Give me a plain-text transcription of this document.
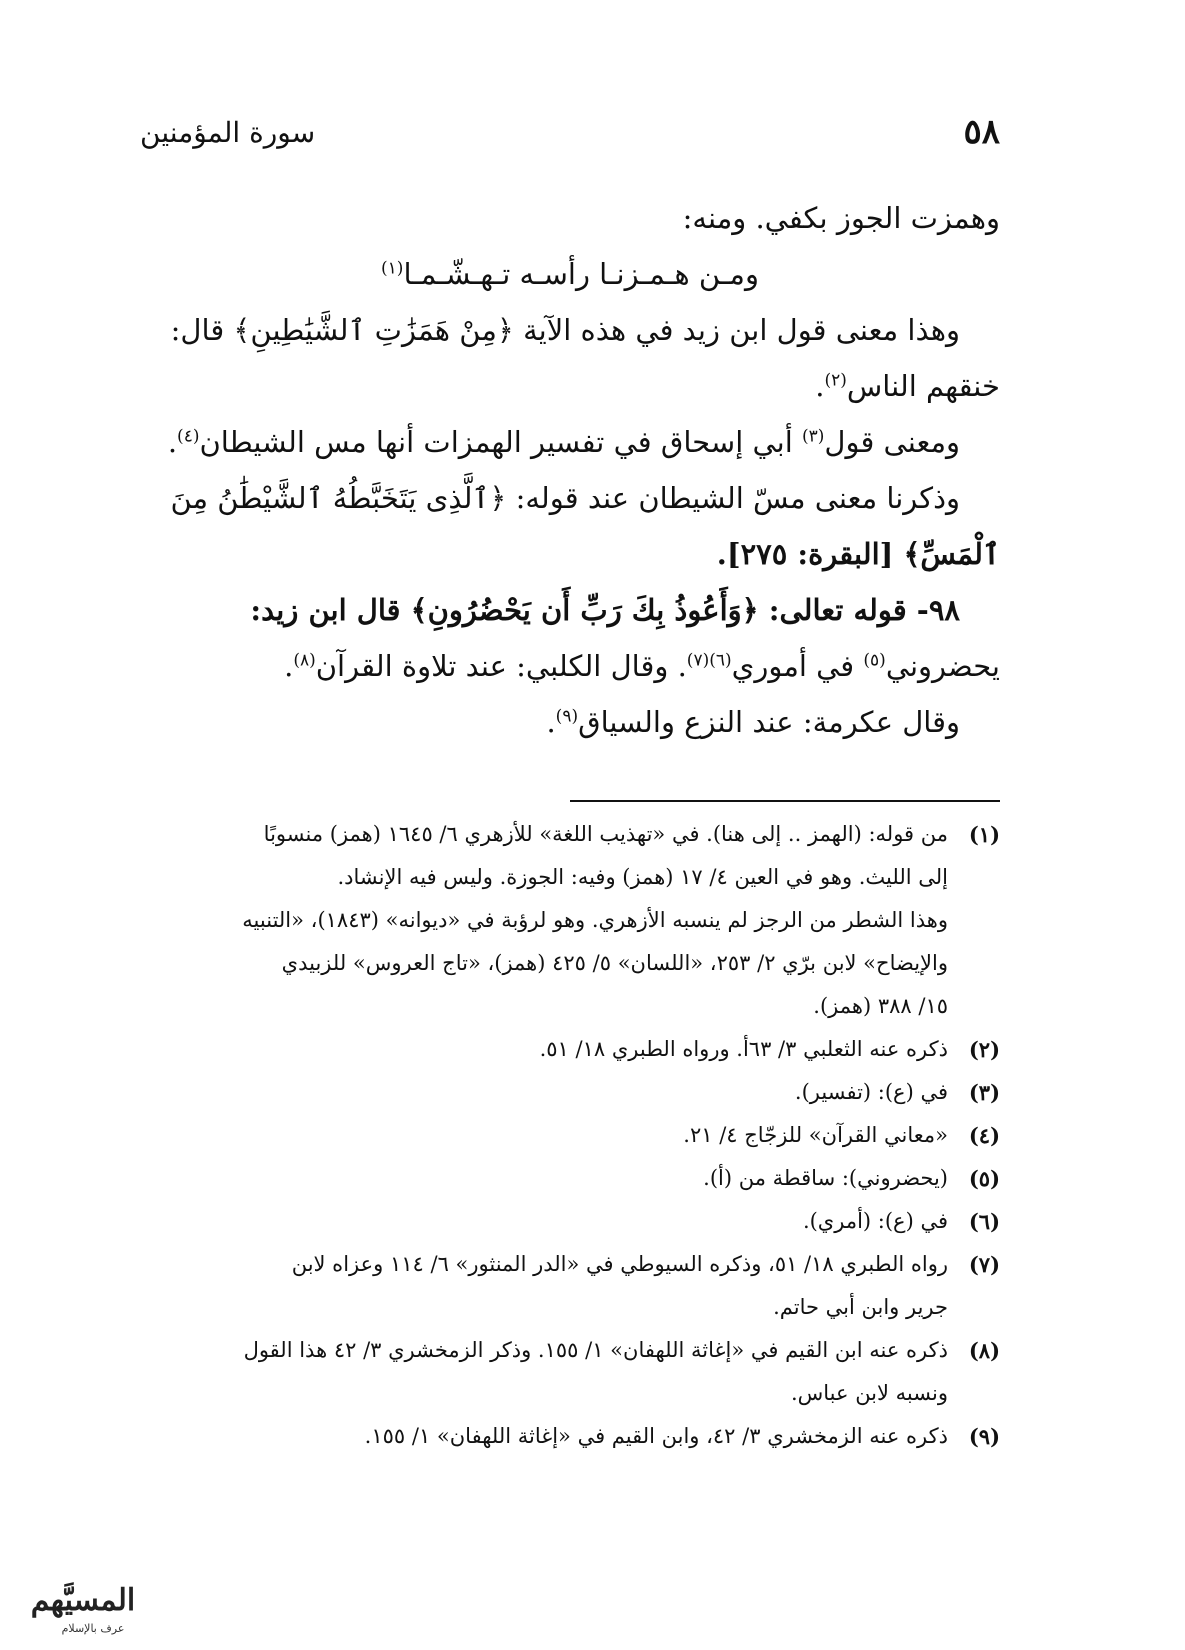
٥٨
سورة المؤمنين

وهمزت الجوز بكفي. ومنه:

ومـن هـمـزنـا رأسـه تـهـشّـمـا$^{(١)}$

وهذا معنى قول ابن زيد في هذه الآية ﴿مِنْ هَمَزَٰتِ ٱلشَّيَٰطِينِ﴾ قال:

خنقهم الناس$^{(٢)}$.

ومعنى قول$^{(٣)}$ أبي إسحاق في تفسير الهمزات أنها مس الشيطان$^{(٤)}$.

وذكرنا معنى مسّ الشيطان عند قوله: ﴿ٱلَّذِى يَتَخَبَّطُهُ ٱلشَّيْطَٰنُ مِنَ

ٱلْمَسِّ﴾ [البقرة: ٢٧٥].

٩٨- قوله تعالى: ﴿وَأَعُوذُ بِكَ رَبِّ أَن يَحْضُرُونِ﴾ قال ابن زيد:

يحضروني$^{(٥)}$ في أموري$^{(٦)(٧)}$. وقال الكلبي: عند تلاوة القرآن$^{(٨)}$.

وقال عكرمة: عند النزع والسياق$^{(٩)}$.

(١)
من قوله: (الهمز .. إلى هنا). في «تهذيب اللغة» للأزهري ٦/ ١٦٤٥ (همز) منسوبًا
إلى الليث. وهو في العين ٤/ ١٧ (همز) وفيه: الجوزة. وليس فيه الإنشاد.
وهذا الشطر من الرجز لم ينسبه الأزهري. وهو لرؤبة في «ديوانه» (١٨٤٣)، «التنبيه
والإيضاح» لابن برّي ٢/ ٢٥٣، «اللسان» ٥/ ٤٢٥ (همز)، «تاج العروس» للزبيدي
١٥/ ٣٨٨ (همز).
(٢)
ذكره عنه الثعلبي ٣/ ٦٣أ. ورواه الطبري ١٨/ ٥١.
(٣)
في (ع): (تفسير).
(٤)
«معاني القرآن» للزجّاج ٤/ ٢١.
(٥)
(يحضروني): ساقطة من (أ).
(٦)
في (ع): (أمري).
(٧)
رواه الطبري ١٨/ ٥١، وذكره السيوطي في «الدر المنثور» ٦/ ١١٤ وعزاه لابن
جرير وابن أبي حاتم.
(٨)
ذكره عنه ابن القيم في «إغاثة اللهفان» ١/ ١٥٥. وذكر الزمخشري ٣/ ٤٢ هذا القول
ونسبه لابن عباس.
(٩)
ذكره عنه الزمخشري ٣/ ٤٢، وابن القيم في «إغاثة اللهفان» ١/ ١٥٥.
المسيَّهم
عرف بالإسلام
